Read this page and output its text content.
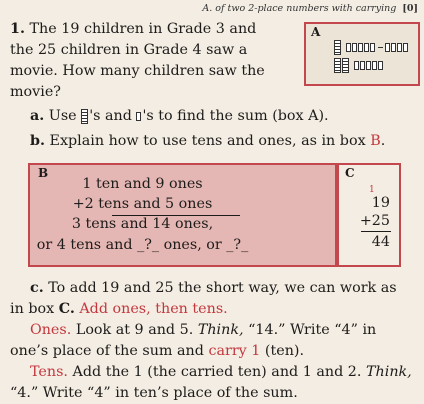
A. of two 2-place numbers with carrying [0]
1. The 19 children in Grade 3 and
the 25 children in Grade 4 saw a
movie. How many children saw the
movie?
A
a. Use 's and 's to find the sum (box A).
b. Explain how to use tens and ones, as in box B.
B
1 ten and 9 ones
+2 tens and 5 ones
3 tens and 14 ones,
or 4 tens and _?_ ones, or _?_
C
1
19
+25
44

c. To add 19 and 25 the short way, we can work as

in box C. Add ones, then tens.

Ones. Look at 9 and 5. Think, “14.” Write “4” in

one’s place of the sum and carry 1 (ten).

Tens. Add the 1 (the carried ten) and 1 and 2. Think,

“4.” Write “4” in ten’s place of the sum.
